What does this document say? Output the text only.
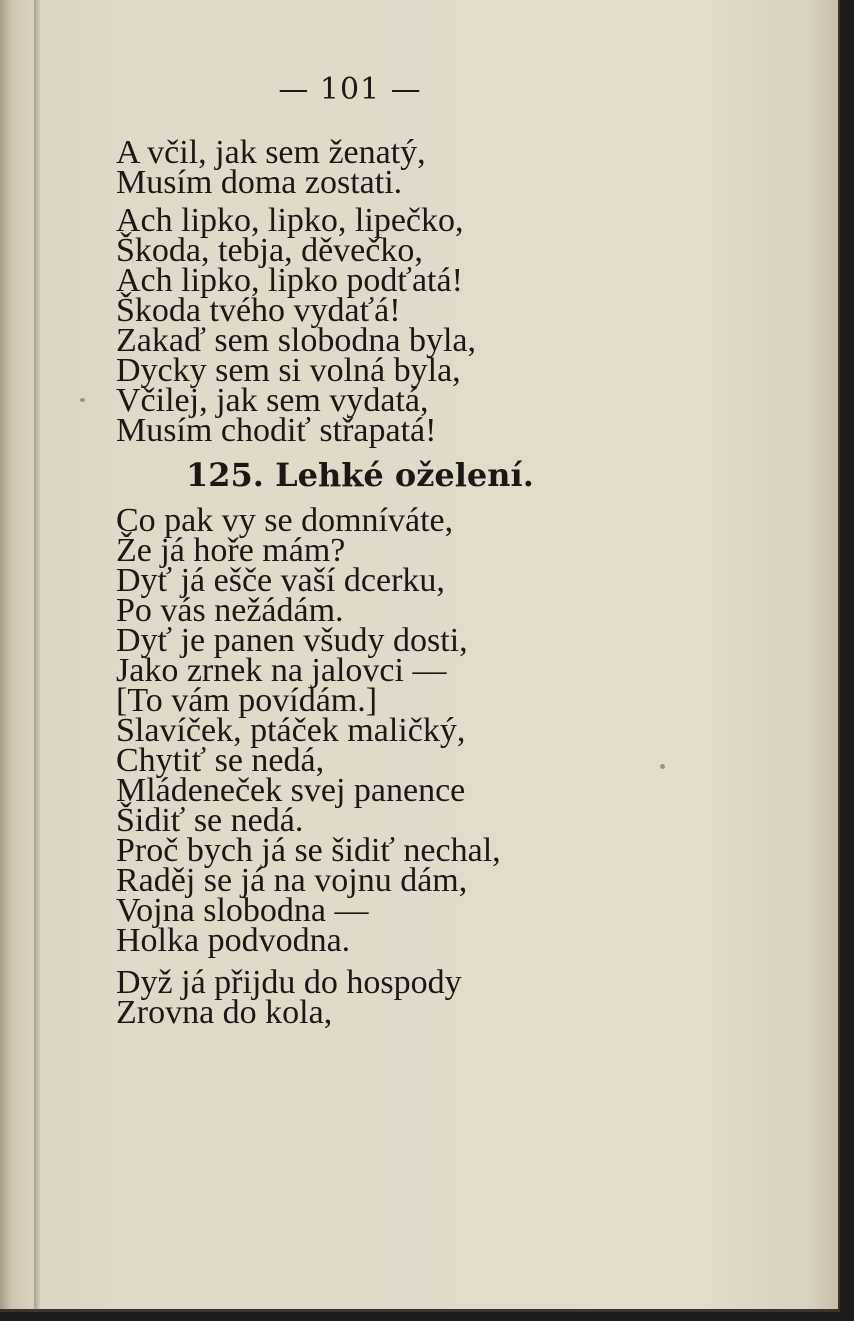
— 101 —
A včil, jak sem ženatý,
Musím doma zostati.
Ach lipko, lipko, lipečko,
Škoda, tebja, děvečko,
Ach lipko, lipko podťatá!
Škoda tvého vydaťá!
Zakaď sem slobodna byla,
Dycky sem si volná byla,
Včilej, jak sem vydatá,
Musím chodiť střapatá!
125. Lehké oželení.
Co pak vy se domníváte,
Že já hoře mám?
Dyť já ešče vaší dcerku,
Po vás nežádám.
Dyť je panen všudy dosti,
Jako zrnek na jalovci —
[To vám povídám.]
Slavíček, ptáček maličký,
Chytiť se nedá,
Mládeneček svej panence
Šidiť se nedá.
Proč bych já se šidiť nechal,
Raděj se já na vojnu dám,
Vojna slobodna —
Holka podvodna.
Dyž já přijdu do hospody
Zrovna do kola,
